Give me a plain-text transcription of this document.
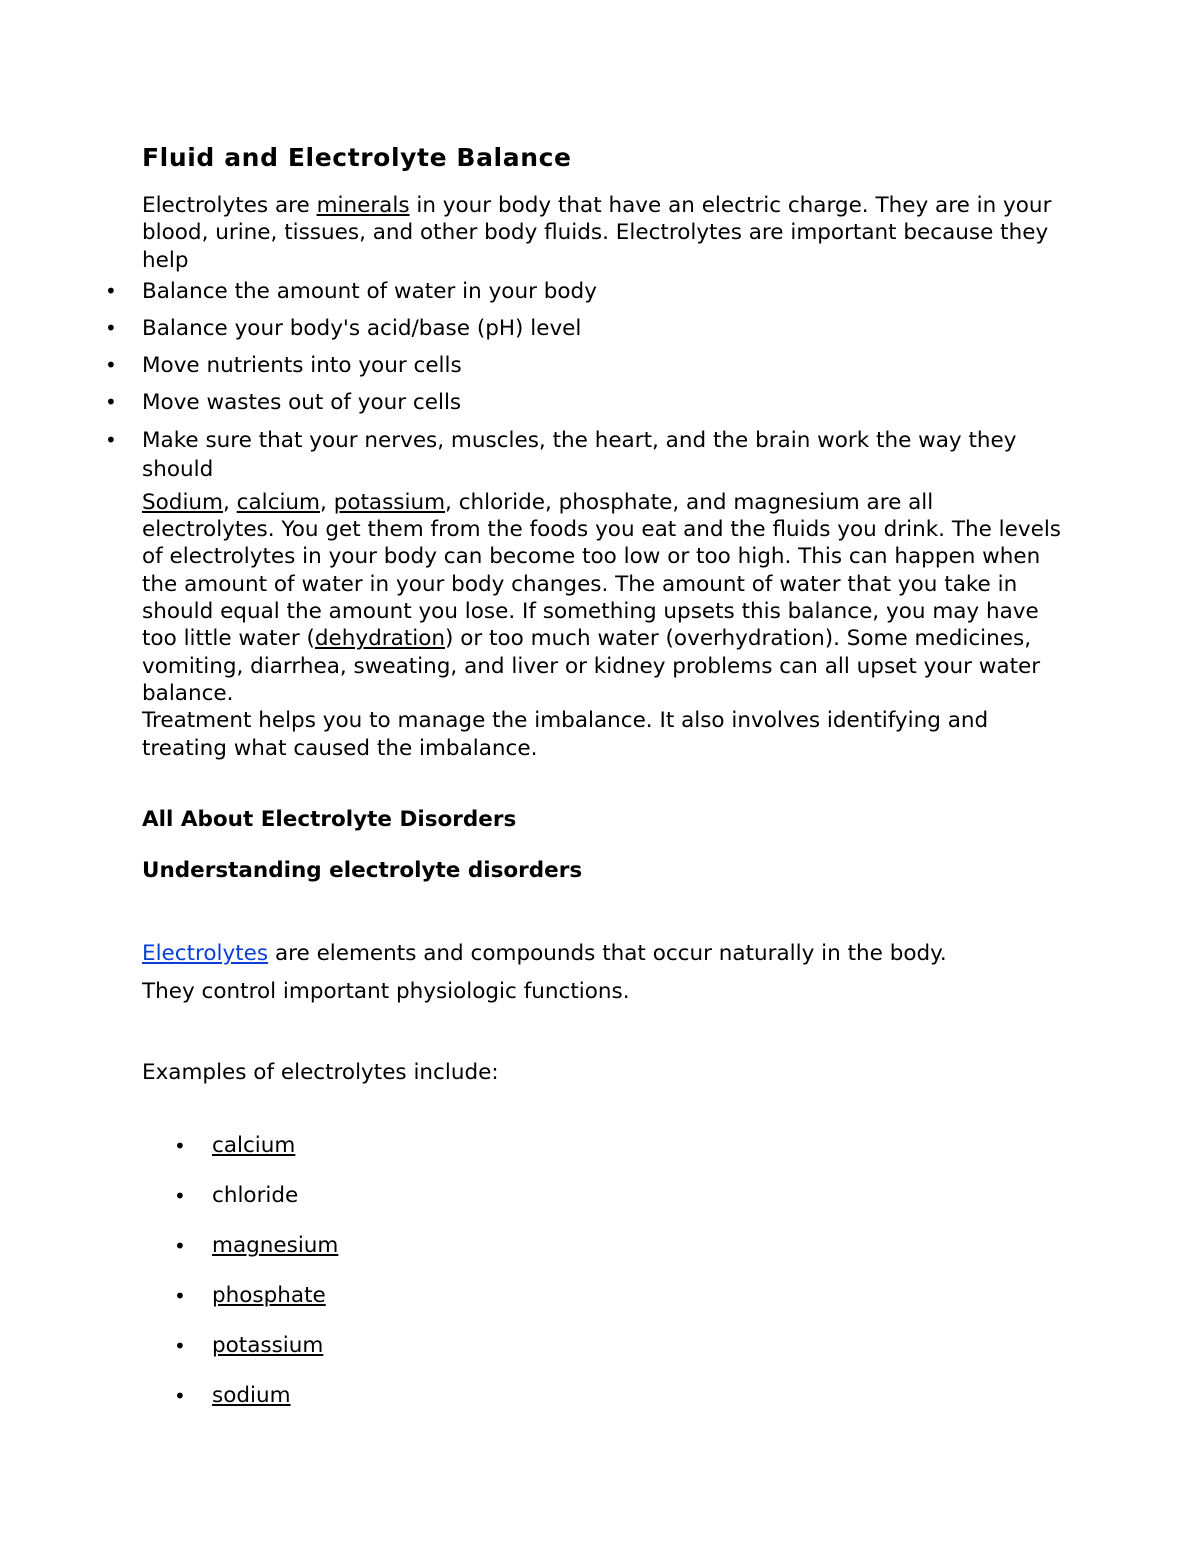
Fluid and Electrolyte Balance

Electrolytes are minerals in your body that have an electric charge. They are in your blood, urine, tissues, and other body fluids. Electrolytes are important because they help

• Balance the amount of water in your body
• Balance your body's acid/base (pH) level
• Move nutrients into your cells
• Move wastes out of your cells
• Make sure that your nerves, muscles, the heart, and the brain work the way they should

Sodium, calcium, potassium, chloride, phosphate, and magnesium are all electrolytes. You get them from the foods you eat and the fluids you drink. The levels of electrolytes in your body can become too low or too high. This can happen when the amount of water in your body changes. The amount of water that you take in should equal the amount you lose. If something upsets this balance, you may have too little water (dehydration) or too much water (overhydration). Some medicines, vomiting, diarrhea, sweating, and liver or kidney problems can all upset your water balance.

Treatment helps you to manage the imbalance. It also involves identifying and treating what caused the imbalance.

All About Electrolyte Disorders
Understanding electrolyte disorders

Electrolytes are elements and compounds that occur naturally in the body.
They control important physiologic functions.

Examples of electrolytes include:

• calcium
• chloride
• magnesium
• phosphate
• potassium
• sodium
